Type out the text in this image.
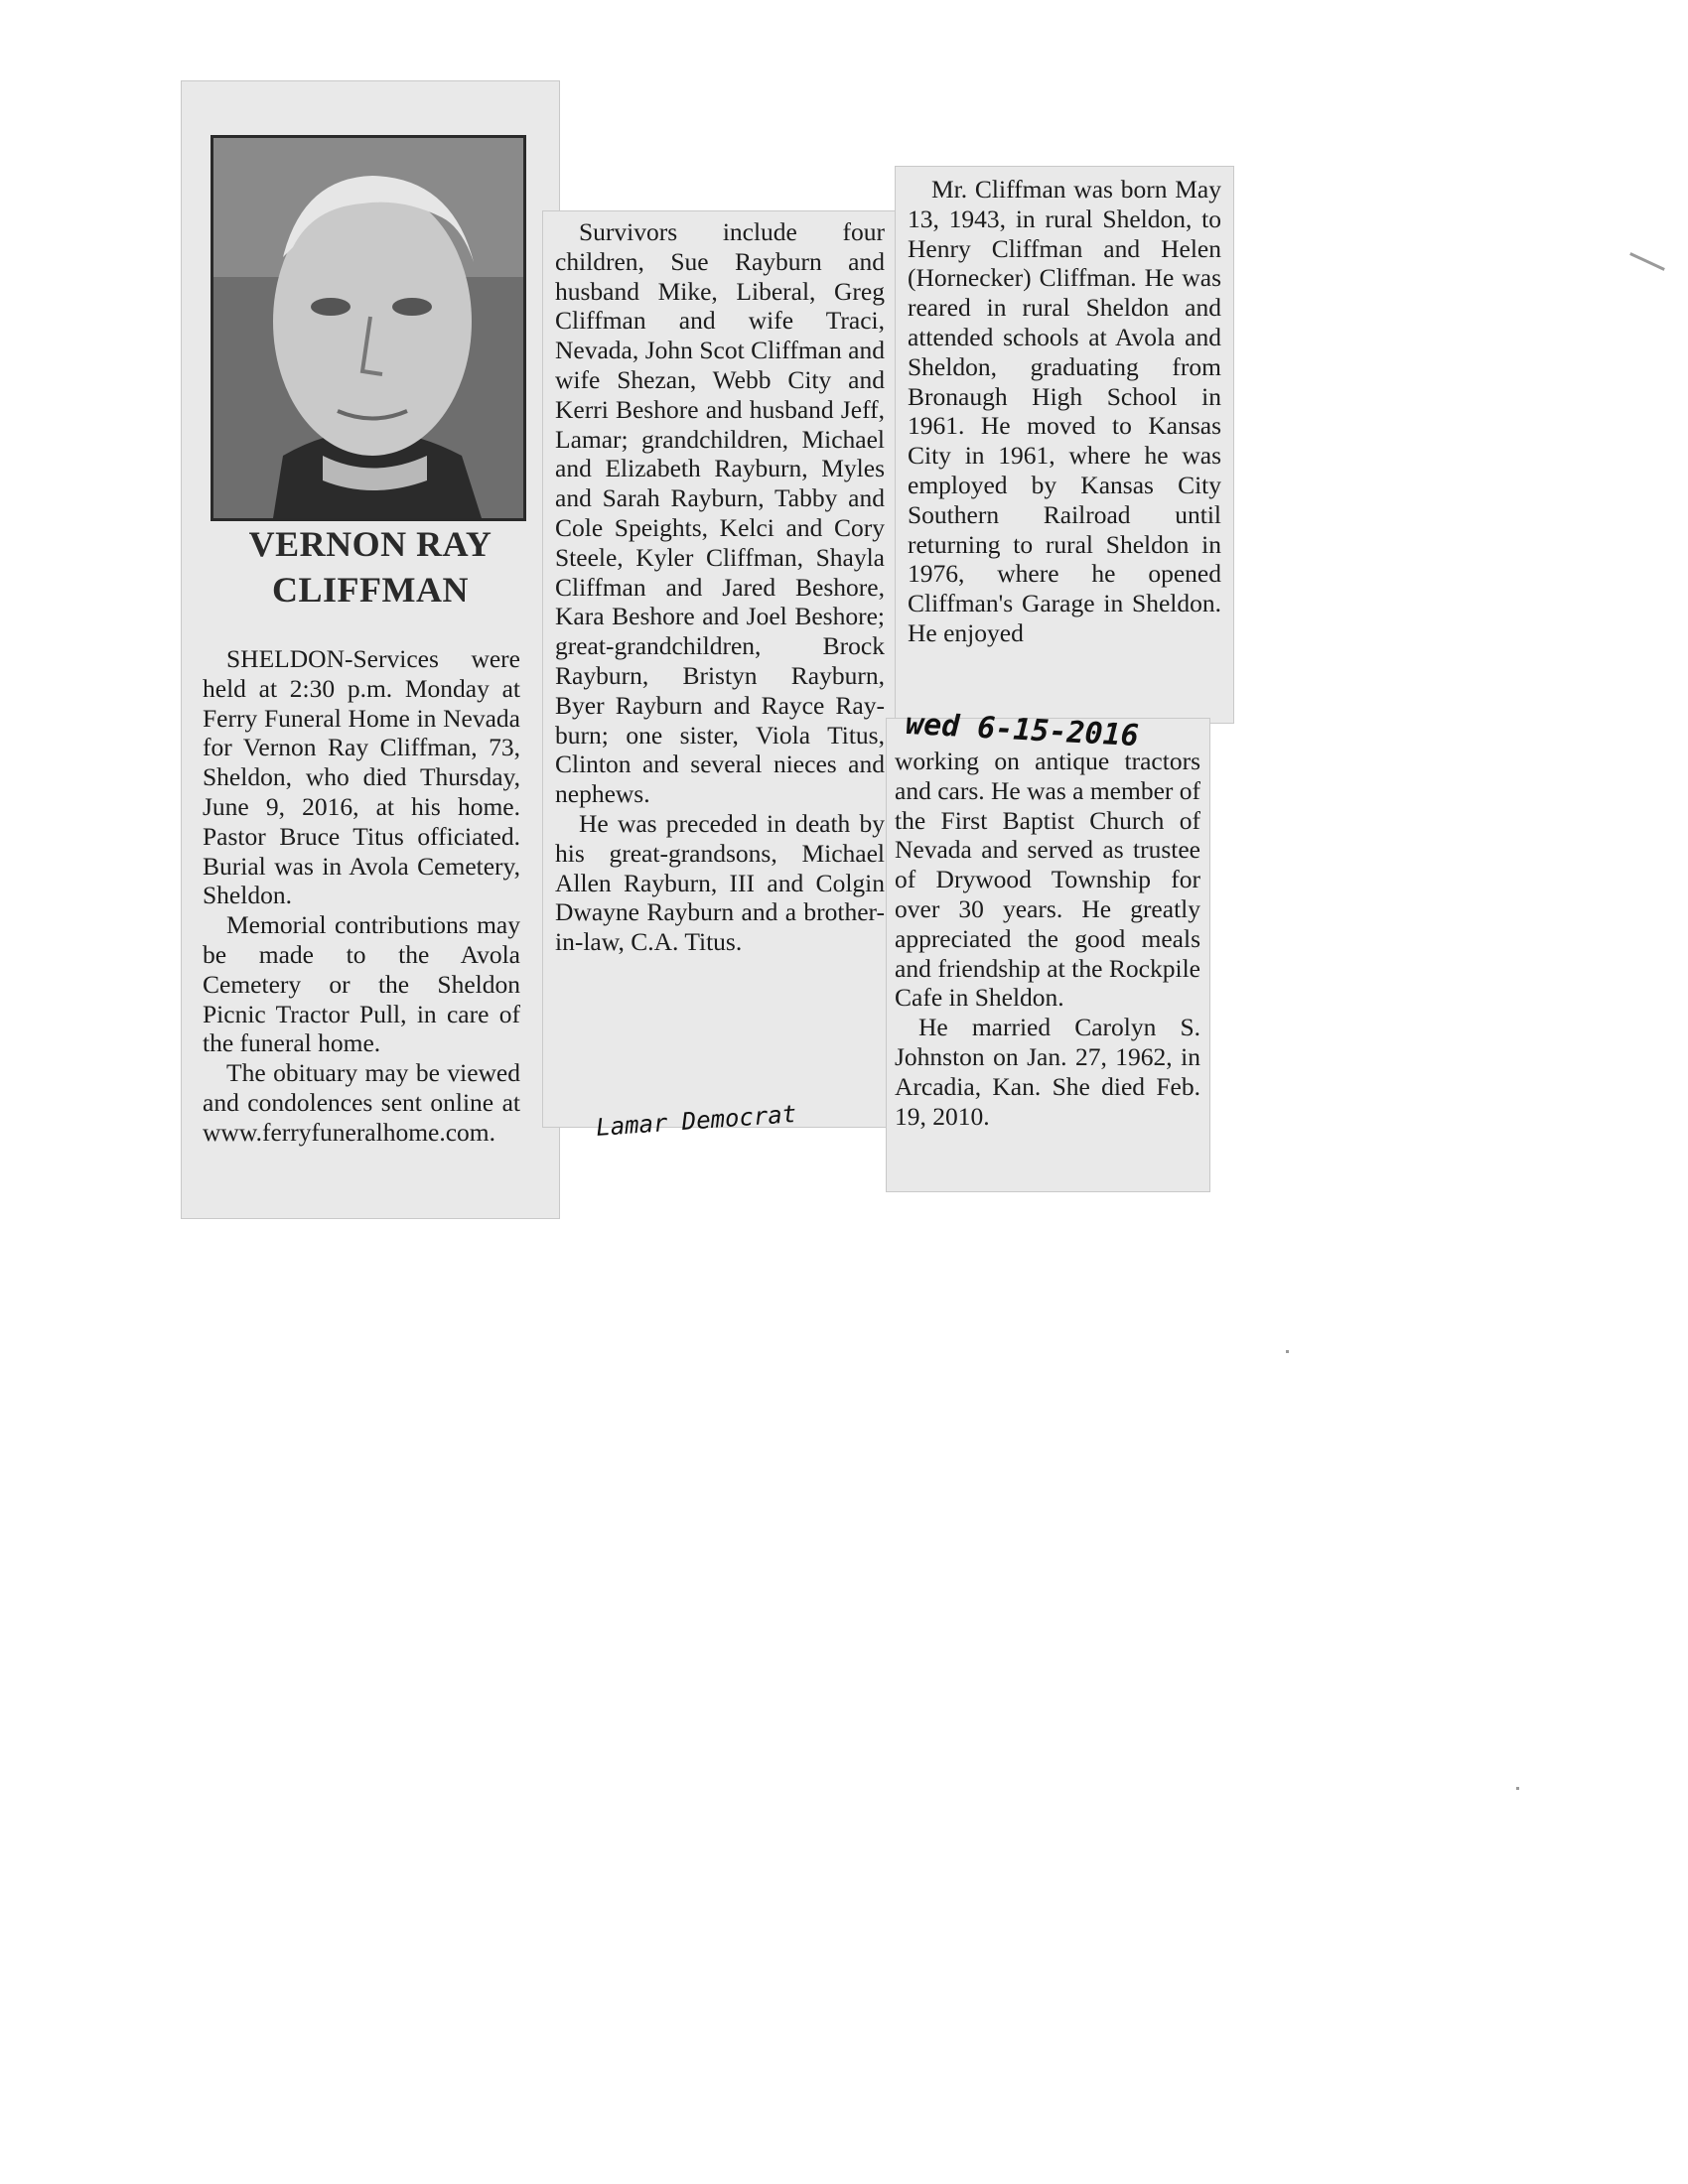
VERNON RAY
CLIFFMAN

SHELDON-Services were held at 2:30 p.m. Monday at Ferry Funeral Home in Nevada for Vernon Ray Cliffman, 73, Sheldon, who died Thursday, June 9, 2016, at his home. Pastor Bruce Titus officiated. Burial was in Avola Cemetery, Sheldon.

Memorial contributions may be made to the Avola Cemetery or the Sheldon Picnic Tractor Pull, in care of the funeral home.

The obituary may be viewed and condolences sent online at www.ferryfuneralhome.com.

Survivors include four children, Sue Rayburn and husband Mike, Liberal, Greg Cliffman and wife Traci, Nevada, John Scot Cliffman and wife Shezan, Webb City and Kerri Beshore and husband Jeff, Lamar; grandchildren, Michael and Elizabeth Rayburn, Myles and Sarah Rayburn, Tabby and Cole Speights, Kelci and Cory Steele, Kyler Cliffman, Shayla Cliffman and Jared Beshore, Kara Beshore and Joel Beshore; great-grandchildren, Brock Rayburn, Bristyn Rayburn, Byer Rayburn and Rayce Rayburn; one sister, Viola Titus, Clinton and several nieces and nephews.

He was preceded in death by his great-grandsons, Michael Allen Rayburn, III and Colgin Dwayne Rayburn and a brother-in-law, C.A. Titus.

Mr. Cliffman was born May 13, 1943, in rural Sheldon, to Henry Cliffman and Helen (Hornecker) Cliffman. He was reared in rural Sheldon and attended schools at Avola and Sheldon, graduating from Bronaugh High School in 1961. He moved to Kansas City in 1961, where he was employed by Kansas City Southern Railroad until returning to rural Sheldon in 1976, where he opened Cliffman's Garage in Sheldon. He enjoyed

working on antique tractors and cars. He was a member of the First Baptist Church of Nevada and served as trustee of Drywood Township for over 30 years. He greatly appreciated the good meals and friendship at the Rockpile Cafe in Sheldon.

He married Carolyn S. Johnston on Jan. 27, 1962, in Arcadia, Kan. She died Feb. 19, 2010.

Lamar Democrat
wed 6-15-2016
